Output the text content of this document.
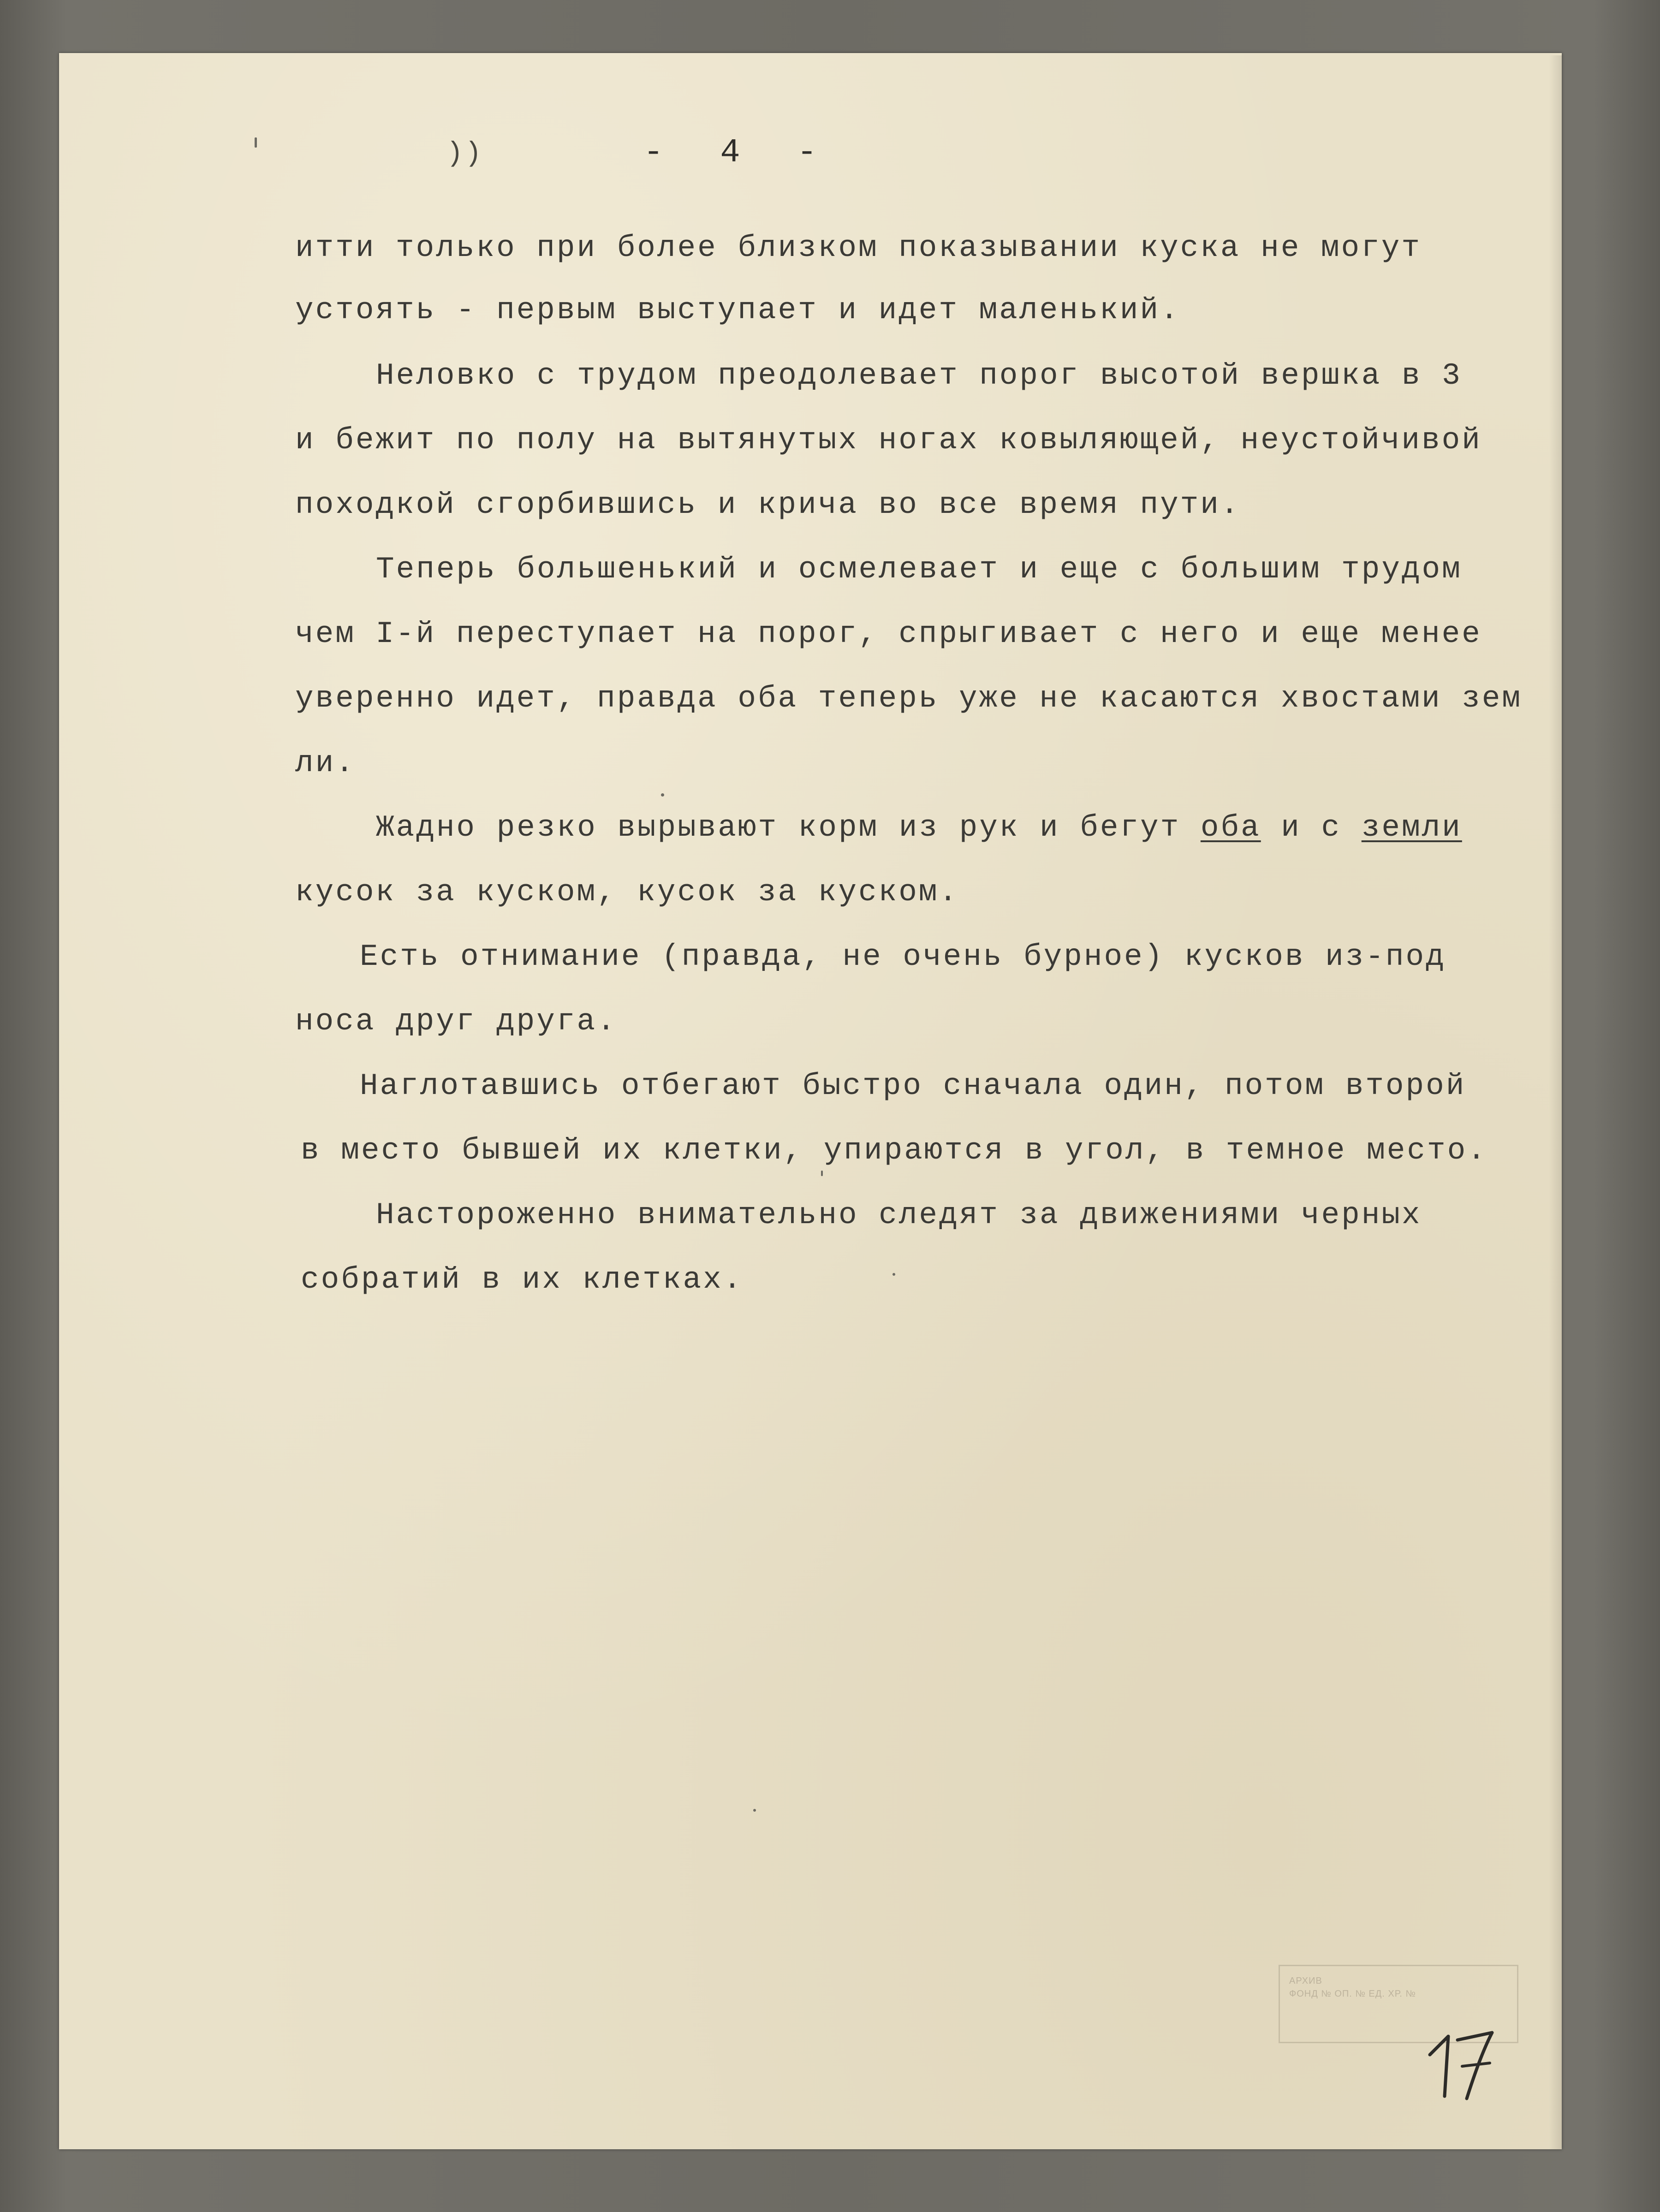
))	- 4 -
итти только при более близком показывании куска не могут
устоять - первым выступает и идет маленький.
Неловко с трудом преодолевает порог высотой вершка в 3
и бежит по полу на вытянутых ногах ковыляющей, неустойчивой
походкой сгорбившись и крича во все время пути.
Теперь большенький и осмелевает и еще с большим трудом
чем I-й переступает на порог, спрыгивает с него и еще менее
уверенно идет, правда оба теперь уже не касаются хвостами зем
ли.
Жадно резко вырывают корм из рук и бегут оба и с земли
кусок за куском, кусок за куском.
Есть отнимание (правда, не очень бурное) кусков из-под
носа друг друга.
Наглотавшись отбегают быстро сначала один, потом второй
в место бывшей их клетки, упираются в угол, в темное место.
Настороженно внимательно следят за движениями черных
собратий в их клетках.
АРХИВ
ФОНД № ОП. № ЕД. ХР. №
